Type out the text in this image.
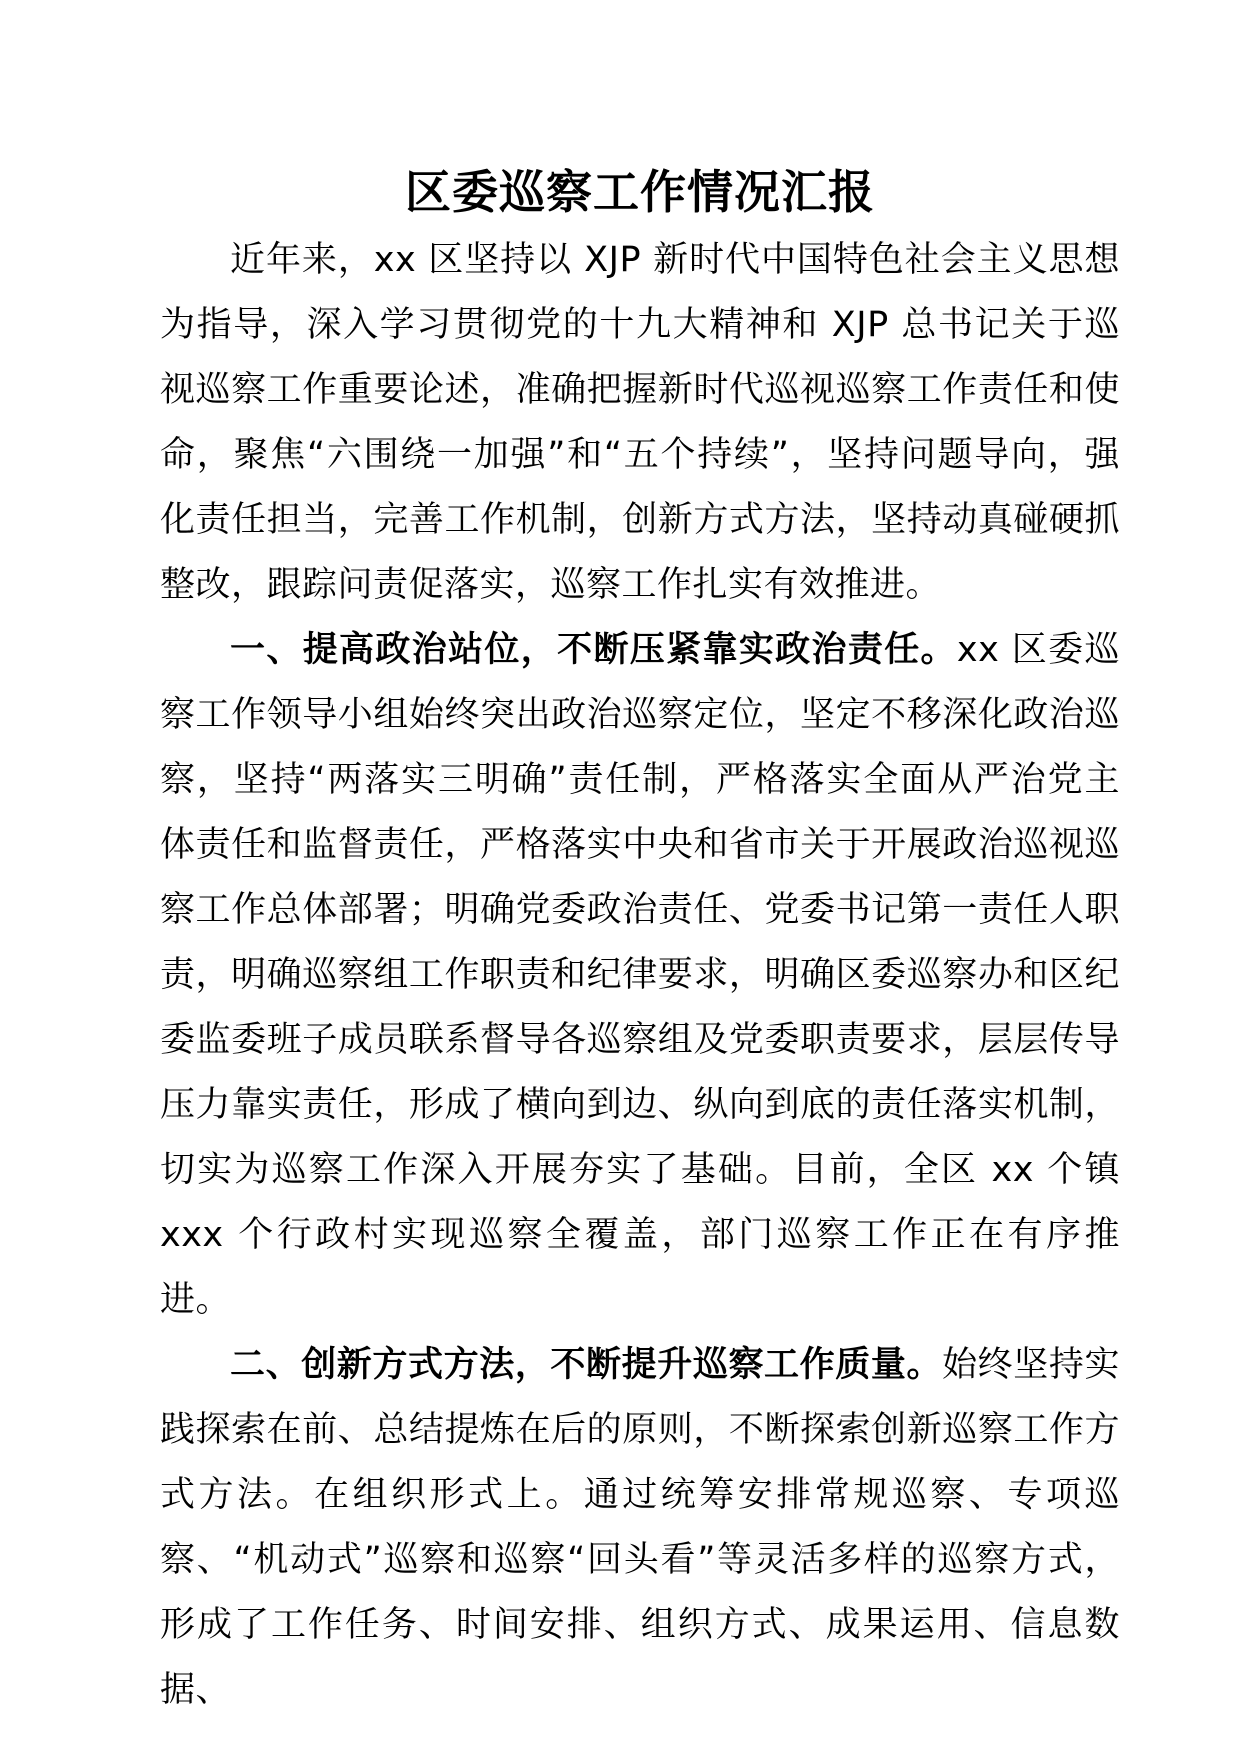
区委巡察工作情况汇报

近年来，xx 区坚持以 XJP 新时代中国特色社会主义思想为指导，深入学习贯彻党的十九大精神和 XJP 总书记关于巡视巡察工作重要论述，准确把握新时代巡视巡察工作责任和使命，聚焦“六围绕一加强”和“五个持续”，坚持问题导向，强化责任担当，完善工作机制，创新方式方法，坚持动真碰硬抓整改，跟踪问责促落实，巡察工作扎实有效推进。

一、提高政治站位，不断压紧靠实政治责任。xx 区委巡察工作领导小组始终突出政治巡察定位，坚定不移深化政治巡察，坚持“两落实三明确”责任制，严格落实全面从严治党主体责任和监督责任，严格落实中央和省市关于开展政治巡视巡察工作总体部署；明确党委政治责任、党委书记第一责任人职责，明确巡察组工作职责和纪律要求，明确区委巡察办和区纪委监委班子成员联系督导各巡察组及党委职责要求，层层传导压力靠实责任，形成了横向到边、纵向到底的责任落实机制，切实为巡察工作深入开展夯实了基础。目前，全区 xx 个镇 xxx 个行政村实现巡察全覆盖，部门巡察工作正在有序推进。

二、创新方式方法，不断提升巡察工作质量。始终坚持实践探索在前、总结提炼在后的原则，不断探索创新巡察工作方式方法。在组织形式上。通过统筹安排常规巡察、专项巡察、“机动式”巡察和巡察“回头看”等灵活多样的巡察方式，形成了工作任务、时间安排、组织方式、成果运用、信息数据、
